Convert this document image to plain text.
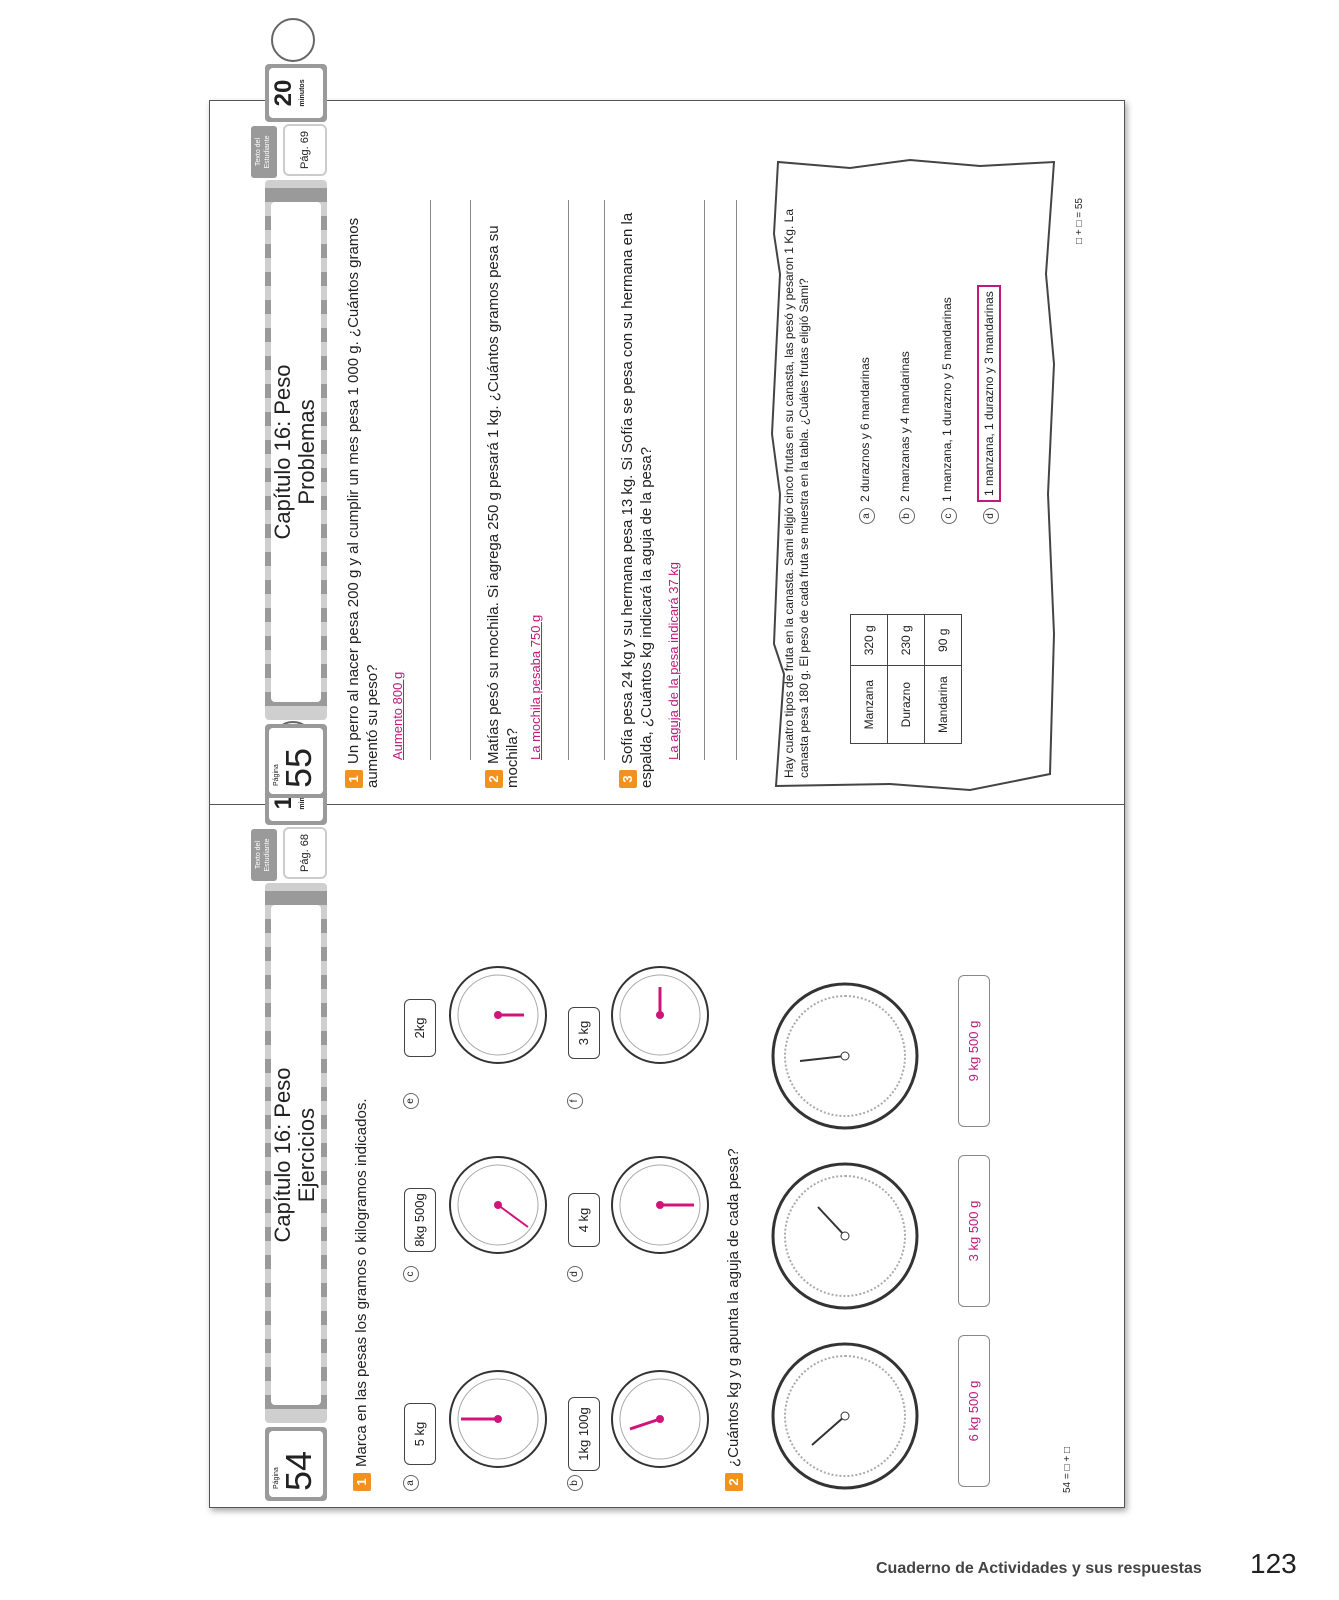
Página
54
Capítulo 16: Peso Ejercicios
Texto del Estudiante	Pág. 68
1Marca en las pesas los gramos o kilogramos indicados.
a
5 kg
8kg 500g
c
e
2kg
b
1kg 100g
d
4 kg
f
3 kg
2¿Cuántos kg y g apunta la aguja de cada pesa?	6 kg 500 g
3 kg 500 g
9 kg 500 g
54 = □ + □
Página
55
Capítulo 16: Peso Problemas
Texto del Estudiante	Pág. 69
20 minutos
1Un perro al nacer pesa 200 g y al cumplir un mes pesa 1 000 g. ¿Cuántos gramos aumentó su peso? Aumento 800 g
2Matías pesó su mochila. Si agrega 250 g pesará 1 kg. ¿Cuántos gramos pesa su mochila? La mochila pesaba 750 g
3Sofía pesa 24 kg y su hermana pesa 13 kg. Si Sofía se pesa con su hermana en la espalda, ¿Cuántos kg indicará la aguja de la pesa? La aguja de la pesa indicará 37 kg	Hay cuatro tipos de fruta en la canasta. Sami eligió cinco frutas en su canasta, las pesó y pesaron 1 Kg. La canasta pesa 180 g. El peso de cada fruta se muestra en la tabla. ¿Cuáles frutas eligió Sami?	Manzana	320 g
Durazno	230 g
Mandarina	90 g
a2 duraznos y 6 mandarinas
b2 manzanas y 4 mandarinas
c1 manzana, 1 durazno y 5 mandarinas
d1 manzana, 1 durazno y 3 mandarinas
□ + □ = 55
Cuaderno de Actividades y sus respuestas 123
